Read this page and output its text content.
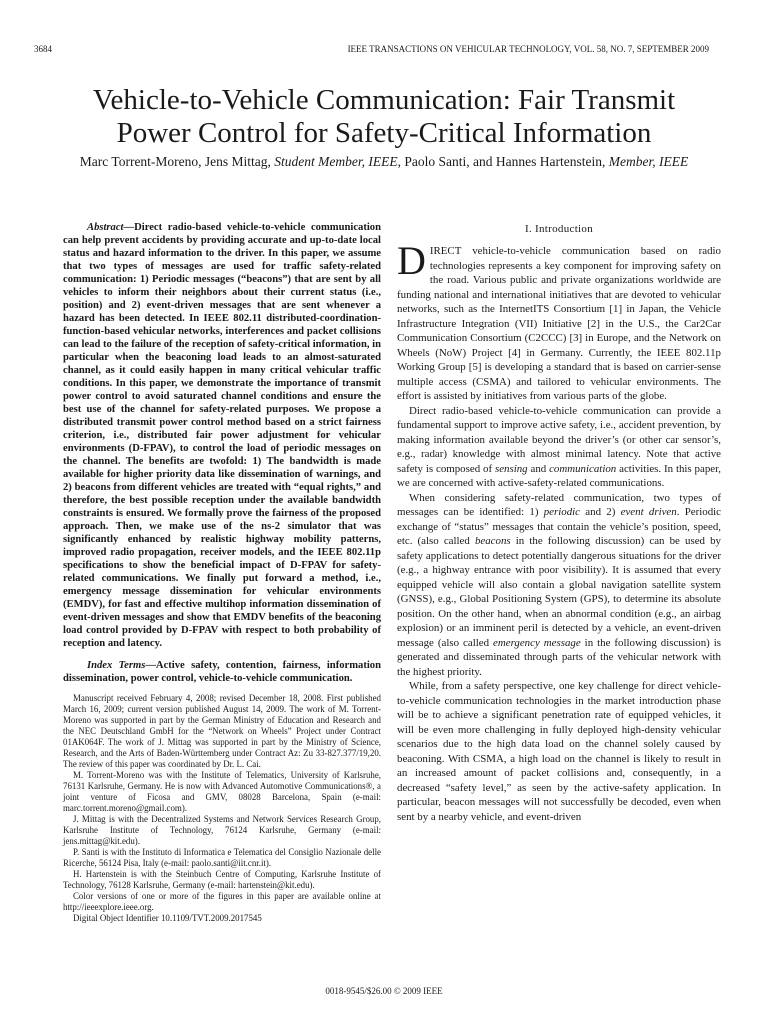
3684	IEEE TRANSACTIONS ON VEHICULAR TECHNOLOGY, VOL. 58, NO. 7, SEPTEMBER 2009
Vehicle-to-Vehicle Communication: Fair Transmit
Power Control for Safety-Critical Information
Marc Torrent-Moreno, Jens Mittag, Student Member, IEEE, Paolo Santi, and Hannes Hartenstein, Member, IEEE

Abstract—Direct radio-based vehicle-to-vehicle communication can help prevent accidents by providing accurate and up-to-date local status and hazard information to the driver. In this paper, we assume that two types of messages are used for traffic safety-related communication: 1) Periodic messages (“beacons”) that are sent by all vehicles to inform their neighbors about their current status (i.e., position) and 2) event-driven messages that are sent whenever a hazard has been detected. In IEEE 802.11 distributed-coordination-function-based vehicular networks, interferences and packet collisions can lead to the failure of the reception of safety-critical information, in particular when the beaconing load leads to an almost-saturated channel, as it could easily happen in many critical vehicular traffic conditions. In this paper, we demonstrate the importance of transmit power control to avoid saturated channel conditions and ensure the best use of the channel for safety-related purposes. We propose a distributed transmit power control method based on a strict fairness criterion, i.e., distributed fair power adjustment for vehicular environments (D-FPAV), to control the load of periodic messages on the channel. The benefits are twofold: 1) The bandwidth is made available for higher priority data like dissemination of warnings, and 2) beacons from different vehicles are treated with “equal rights,” and therefore, the best possible reception under the available bandwidth constraints is ensured. We formally prove the fairness of the proposed approach. Then, we make use of the ns-2 simulator that was significantly enhanced by realistic highway mobility patterns, improved radio propagation, receiver models, and the IEEE 802.11p specifications to show the beneficial impact of D-FPAV for safety-related communications. We finally put forward a method, i.e., emergency message dissemination for vehicular environments (EMDV), for fast and effective multihop information dissemination of event-driven messages and show that EMDV benefits of the beaconing load control provided by D-FPAV with respect to both probability of reception and latency.

Index Terms—Active safety, contention, fairness, information dissemination, power control, vehicle-to-vehicle communication.

Manuscript received February 4, 2008; revised December 18, 2008. First published March 16, 2009; current version published August 14, 2009. The work of M. Torrent-Moreno was supported in part by the German Ministry of Education and Research and the NEC Deutschland GmbH for the “Network on Wheels” Project under Contract 01AK064F. The work of J. Mittag was supported in part by the Ministry of Science, Research, and the Arts of Baden-Württemberg under Contract Az: Zu 33-827.377/19,20. The review of this paper was coordinated by Dr. L. Cai.

M. Torrent-Moreno was with the Institute of Telematics, University of Karlsruhe, 76131 Karlsruhe, Germany. He is now with Advanced Automotive Communications®, a joint venture of Ficosa and GMV, 08028 Barcelona, Spain (e-mail: marc.torrent.moreno@gmail.com).

J. Mittag is with the Decentralized Systems and Network Services Research Group, Karlsruhe Institute of Technology, 76124 Karlsruhe, Germany (e-mail: jens.mittag@kit.edu).

P. Santi is with the Instituto di Informatica e Telematica del Consiglio Nazionale delle Ricerche, 56124 Pisa, Italy (e-mail: paolo.santi@iit.cnr.it).

H. Hartenstein is with the Steinbuch Centre of Computing, Karlsruhe Institute of Technology, 76128 Karlsruhe, Germany (e-mail: hartenstein@kit.edu).

Color versions of one or more of the figures in this paper are available online at http://ieeexplore.ieee.org.

Digital Object Identifier 10.1109/TVT.2009.2017545

I. Introduction

DIRECT vehicle-to-vehicle communication based on radio technologies represents a key component for improving safety on the road. Various public and private organizations worldwide are funding national and international initiatives that are devoted to vehicular networks, such as the InternetITS Consortium [1] in Japan, the Vehicle Infrastructure Integration (VII) Initiative [2] in the U.S., the Car2Car Communication Consortium (C2CCC) [3] in Europe, and the Network on Wheels (NoW) Project [4] in Germany. Currently, the IEEE 802.11p Working Group [5] is developing a standard that is based on carrier-sense multiple access (CSMA) and tailored to vehicular environments. The effort is assisted by initiatives from various parts of the globe.

Direct radio-based vehicle-to-vehicle communication can provide a fundamental support to improve active safety, i.e., accident prevention, by making information available beyond the driver’s (or other car sensor’s, e.g., radar) knowledge with almost minimal latency. Note that active safety is composed of sensing and communication activities. In this paper, we are concerned with active-safety-related communications.

When considering safety-related communication, two types of messages can be identified: 1) periodic and 2) event driven. Periodic exchange of “status” messages that contain the vehicle’s position, speed, etc. (also called beacons in the following discussion) can be used by safety applications to detect potentially dangerous situations for the driver (e.g., a highway entrance with poor visibility). It is assumed that every equipped vehicle will also contain a global navigation satellite system (GNSS), e.g., Global Positioning System (GPS), to determine its absolute position. On the other hand, when an abnormal condition (e.g., an airbag explosion) or an imminent peril is detected by a vehicle, an event-driven message (also called emergency message in the following discussion) is generated and disseminated through parts of the vehicular network with the highest priority.

While, from a safety perspective, one key challenge for direct vehicle-to-vehicle communication technologies in the market introduction phase will be to achieve a significant penetration rate of equipped vehicles, it will be even more challenging in fully deployed high-density vehicular scenarios due to the high data load on the channel solely caused by beaconing. With CSMA, a high load on the channel is likely to result in an increased amount of packet collisions and, consequently, in a decreased “safety level,” as seen by the active-safety application. In particular, beacon messages will not successfully be decoded, even when sent by a nearby vehicle, and event-driven

0018-9545/$26.00 © 2009 IEEE
